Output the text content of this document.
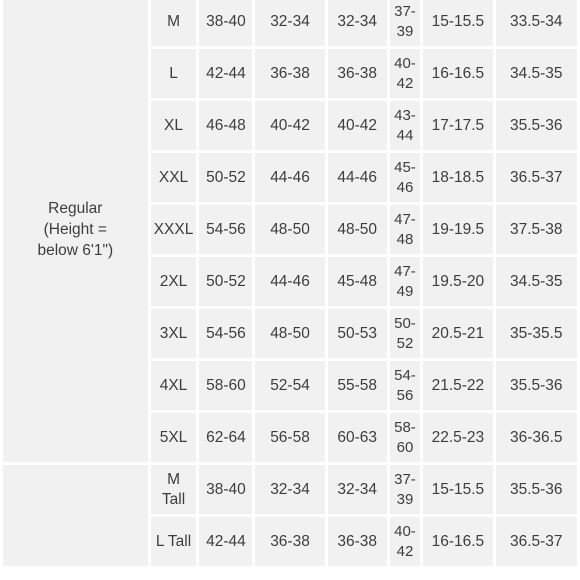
Regular
(Height =
below 6'1")	M	38-40	32-34	32-34	37-
39	15-15.5	33.5-34

	L	42-44	36-38	36-38	40-
42	16-16.5	34.5-35

	XL	46-48	40-42	40-42	43-
44	17-17.5	35.5-36

	XXL	50-52	44-46	44-46	45-
46	18-18.5	36.5-37

	XXXL	54-56	48-50	48-50	47-
48	19-19.5	37.5-38

	2XL	50-52	44-46	45-48	47-
49	19.5-20	34.5-35

	3XL	54-56	48-50	50-53	50-
52	20.5-21	35-35.5

	4XL	58-60	52-54	55-58	54-
56	21.5-22	35.5-36

	5XL	62-64	56-58	60-63	58-
60	22.5-23	36-36.5

	M
Tall	38-40	32-34	32-34	37-
39	15-15.5	35.5-36

	L Tall	42-44	36-38	36-38	40-
42	16-16.5	36.5-37
